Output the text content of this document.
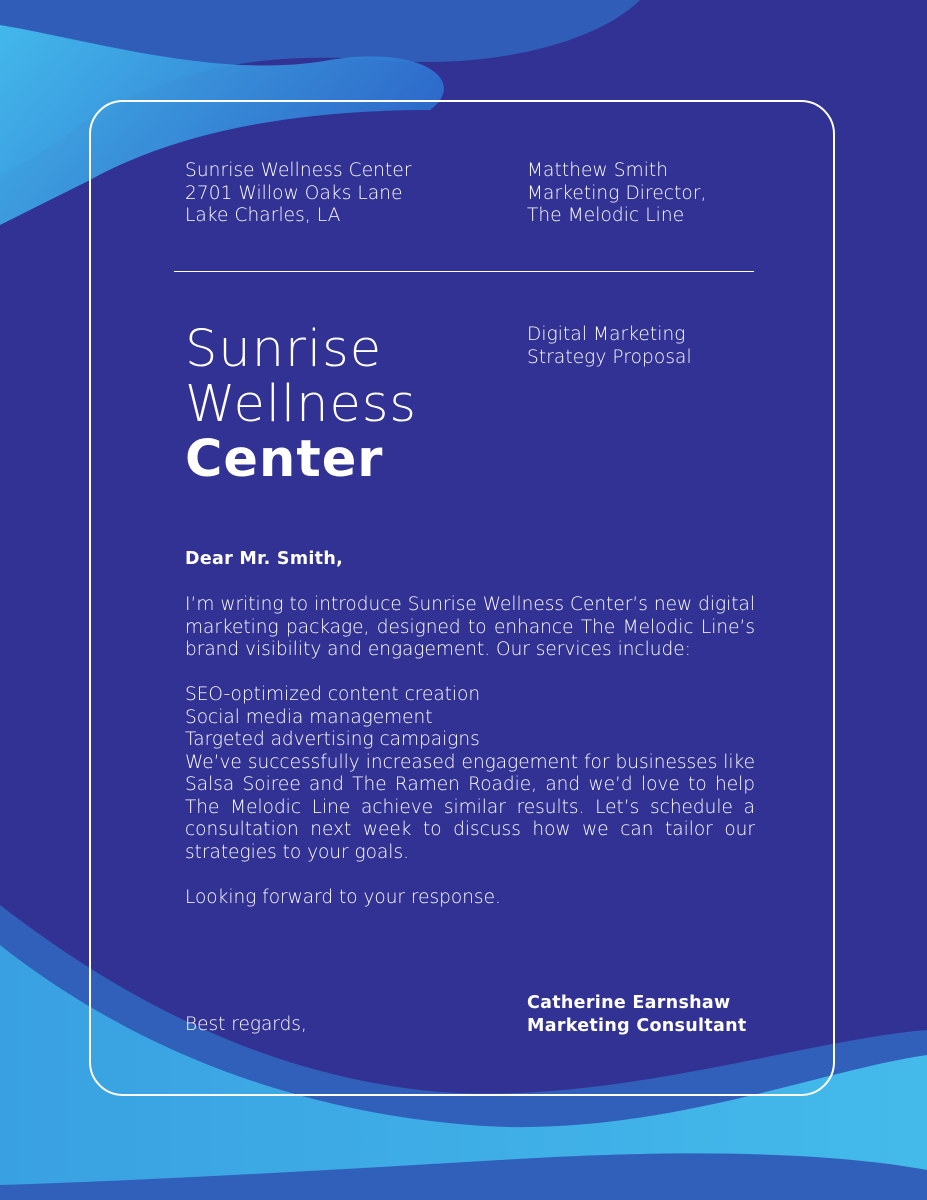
Sunrise Wellness Center
2701 Willow Oaks Lane
Lake Charles, LA
Matthew Smith
Marketing Director,
The Melodic Line
Sunrise
Wellness
Center
Digital Marketing
Strategy Proposal
Dear Mr. Smith,

I’m writing to introduce Sunrise Wellness Center’s new digital marketing package, designed to enhance The Melodic Line’s brand visibility and engagement. Our services include:

SEO-optimized content creation
Social media management
Targeted advertising campaigns

We’ve successfully increased engagement for businesses like Salsa Soiree and The Ramen Roadie, and we’d love to help The Melodic Line achieve similar results. Let’s schedule a consultation next week to discuss how we can tailor our strategies to your goals.

Looking forward to your response.

Best regards,
Catherine Earnshaw
Marketing Consultant
